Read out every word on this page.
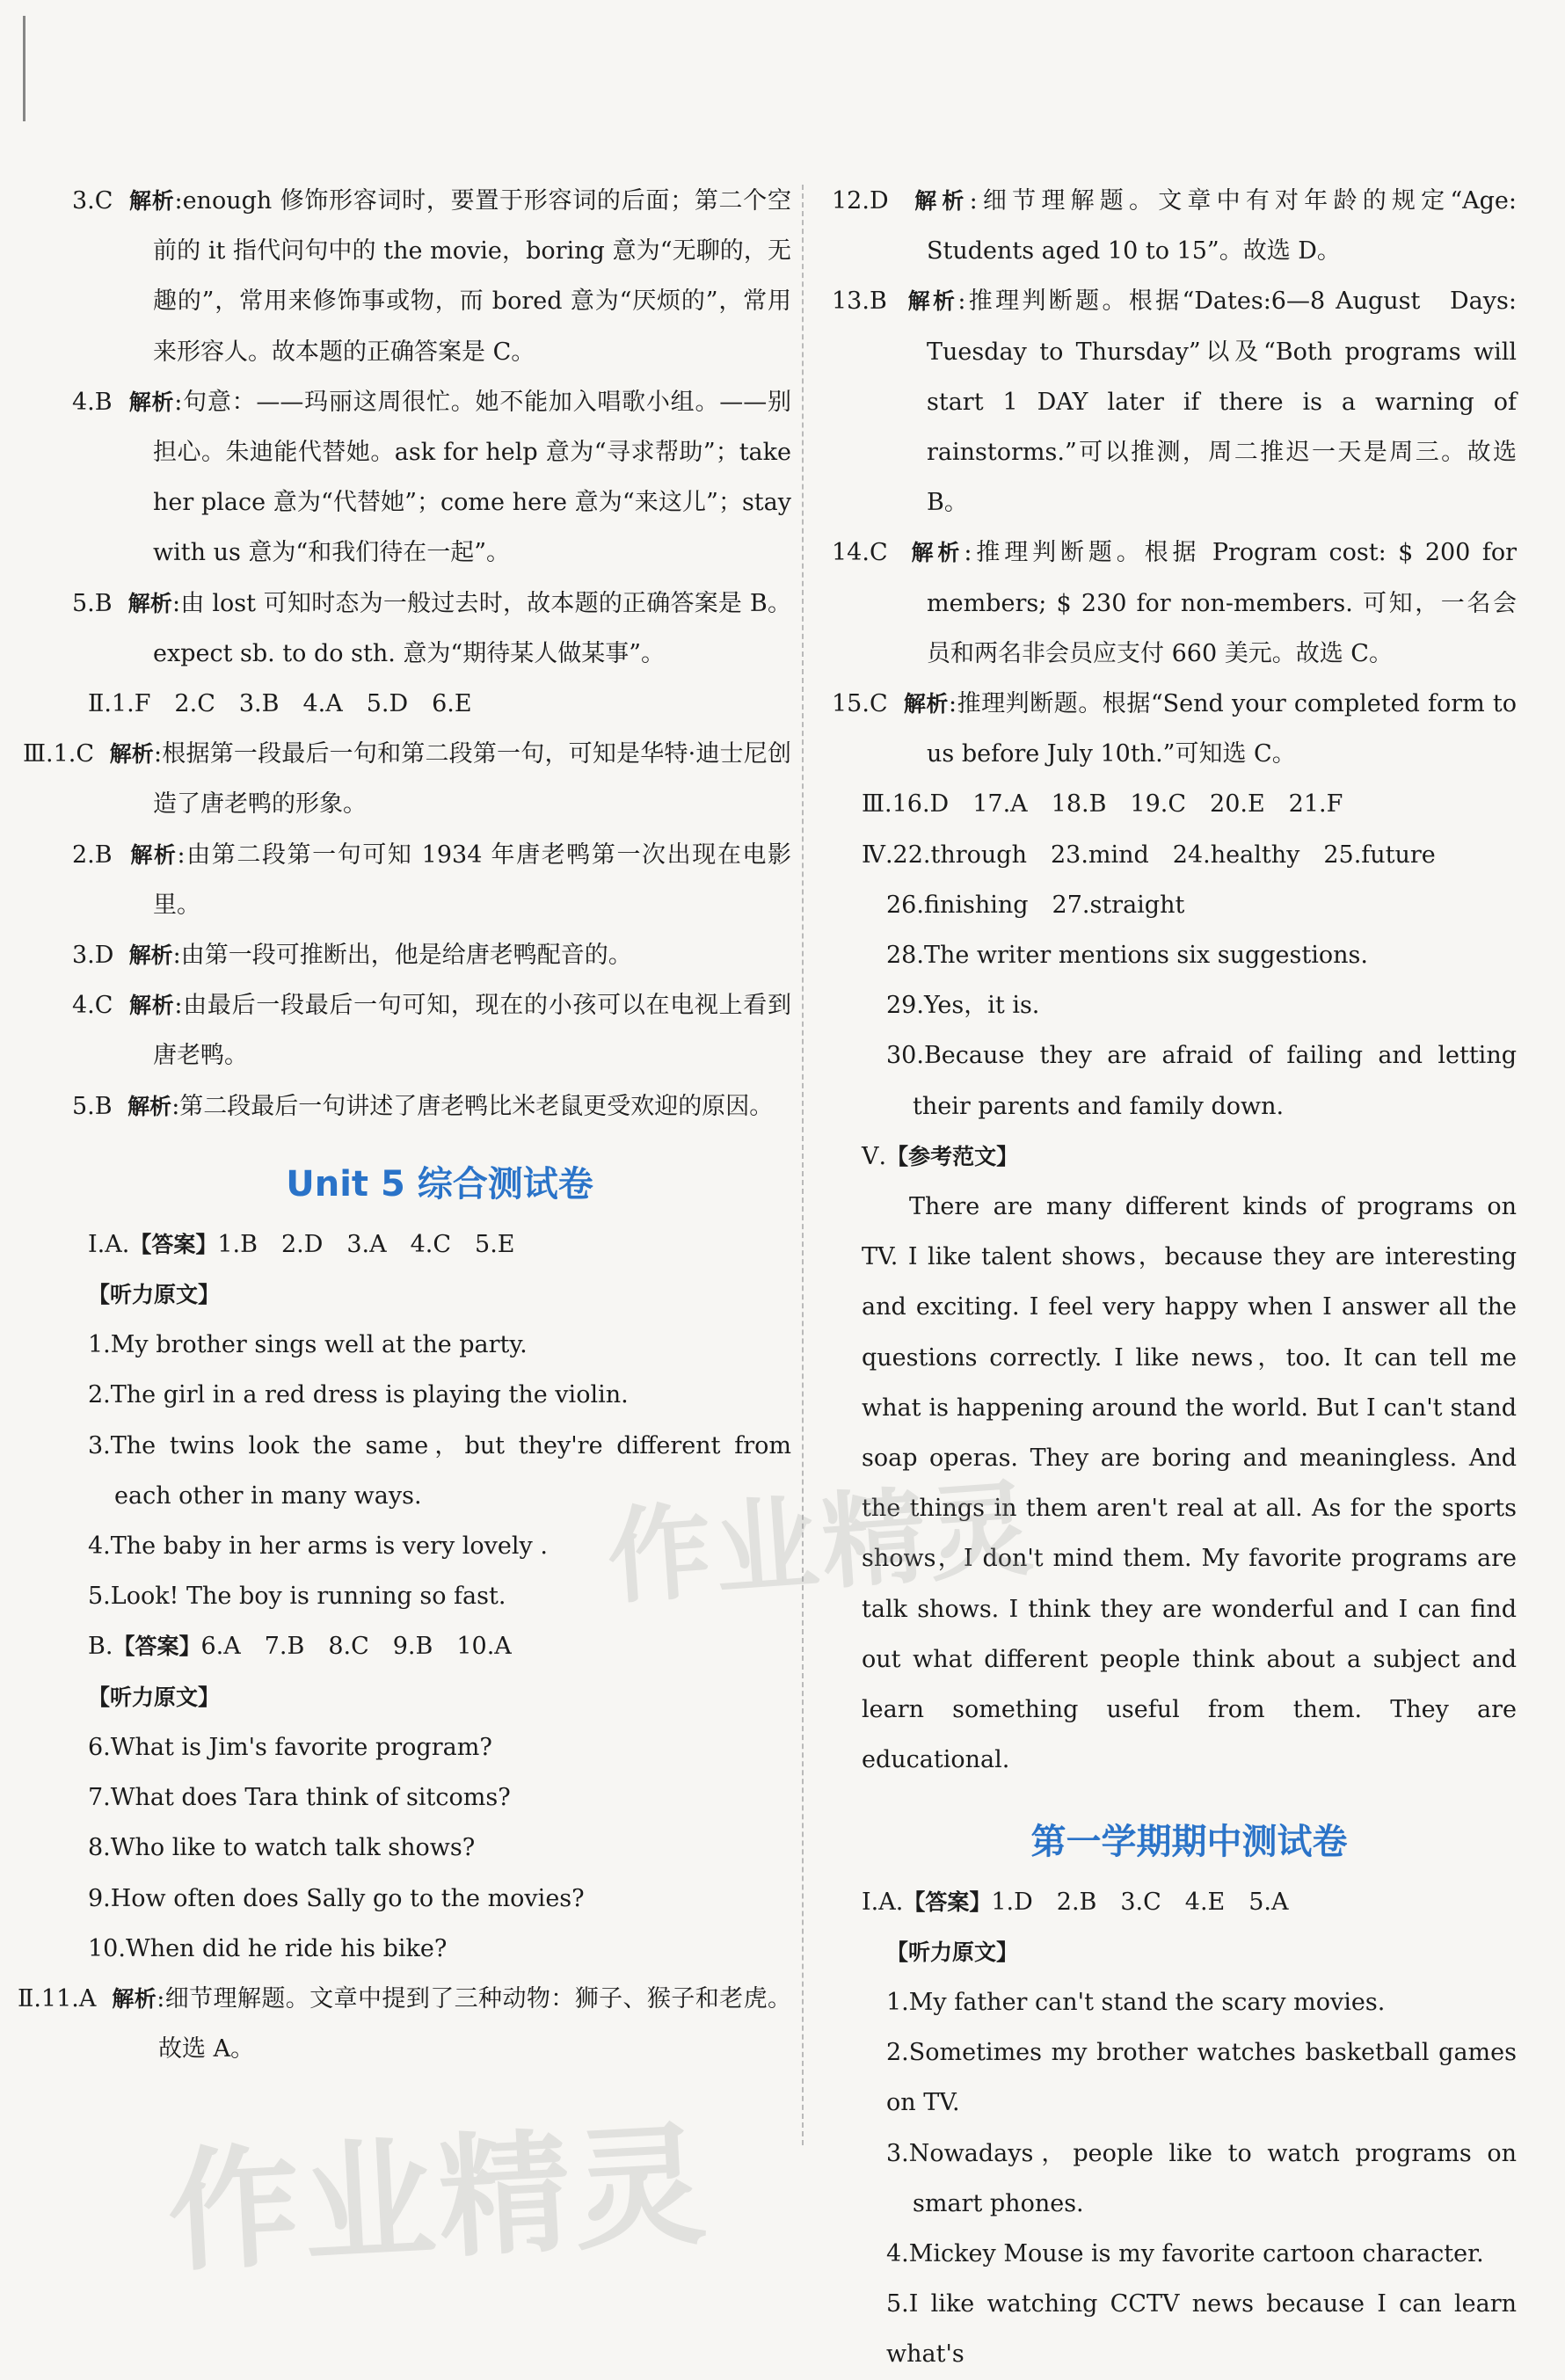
3.C 解析:enough 修饰形容词时，要置于形容词的后面；第二个空前的 it 指代问句中的 the movie，boring 意为“无聊的，无趣的”，常用来修饰事或物，而 bored 意为“厌烦的”，常用来形容人。故本题的正确答案是 C。
4.B 解析:句意：——玛丽这周很忙。她不能加入唱歌小组。——别担心。朱迪能代替她。ask for help 意为“寻求帮助”；take her place 意为“代替她”；come here 意为“来这儿”；stay with us 意为“和我们待在一起”。
5.B 解析:由 lost 可知时态为一般过去时，故本题的正确答案是 B。expect sb. to do sth. 意为“期待某人做某事”。
Ⅱ.1.F　2.C　3.B　4.A　5.D　6.E
Ⅲ.1.C 解析:根据第一段最后一句和第二段第一句，可知是华特·迪士尼创造了唐老鸭的形象。
2.B 解析:由第二段第一句可知 1934 年唐老鸭第一次出现在电影里。
3.D 解析:由第一段可推断出，他是给唐老鸭配音的。
4.C 解析:由最后一段最后一句可知，现在的小孩可以在电视上看到唐老鸭。
5.B 解析:第二段最后一句讲述了唐老鸭比米老鼠更受欢迎的原因。
Unit 5 综合测试卷
Ⅰ.A.【答案】1.B　2.D　3.A　4.C　5.E
【听力原文】
1.My brother sings well at the party.
2.The girl in a red dress is playing the violin.
3.The twins look the same，but they're different from each other in many ways.
4.The baby in her arms is very lovely .
5.Look! The boy is running so fast.
B.【答案】6.A　7.B　8.C　9.B　10.A
【听力原文】
6.What is Jim's favorite program?
7.What does Tara think of sitcoms?
8.Who like to watch talk shows?
9.How often does Sally go to the movies?
10.When did he ride his bike?
Ⅱ.11.A 解析:细节理解题。文章中提到了三种动物：狮子、猴子和老虎。故选 A。
12.D 解析:细节理解题。文章中有对年龄的规定“Age: Students aged 10 to 15”。故选 D。
13.B 解析:推理判断题。根据“Dates:6—8 August　Days: Tuesday to Thursday”以及“Both programs will start 1 DAY later if there is a warning of rainstorms.”可以推测，周二推迟一天是周三。故选 B。
14.C 解析:推理判断题。根据 Program cost: $ 200 for members; $ 230 for non-members. 可知，一名会员和两名非会员应支付 660 美元。故选 C。
15.C 解析:推理判断题。根据“Send your completed form to us before July 10th.”可知选 C。
Ⅲ.16.D　17.A　18.B　19.C　20.E　21.F
Ⅳ.22.through　23.mind　24.healthy　25.future
26.finishing　27.straight
28.The writer mentions six suggestions.
29.Yes，it is.
30.Because they are afraid of failing and letting their parents and family down.
Ⅴ.【参考范文】
There are many different kinds of programs on TV. I like talent shows，because they are interesting and exciting. I feel very happy when I answer all the questions correctly. I like news，too. It can tell me what is happening around the world. But I can't stand soap operas. They are boring and meaningless. And the things in them aren't real at all. As for the sports shows，I don't mind them. My favorite programs are talk shows. I think they are wonderful and I can find out what different people think about a subject and learn something useful from them. They are educational.
第一学期期中测试卷
Ⅰ.A.【答案】1.D　2.B　3.C　4.E　5.A
【听力原文】
1.My father can't stand the scary movies.
2.Sometimes my brother watches basketball games on TV.
3.Nowadays，people like to watch programs on smart phones.
4.Mickey Mouse is my favorite cartoon character.
5.I like watching CCTV news because I can learn what's
作业精灵
作业精灵
